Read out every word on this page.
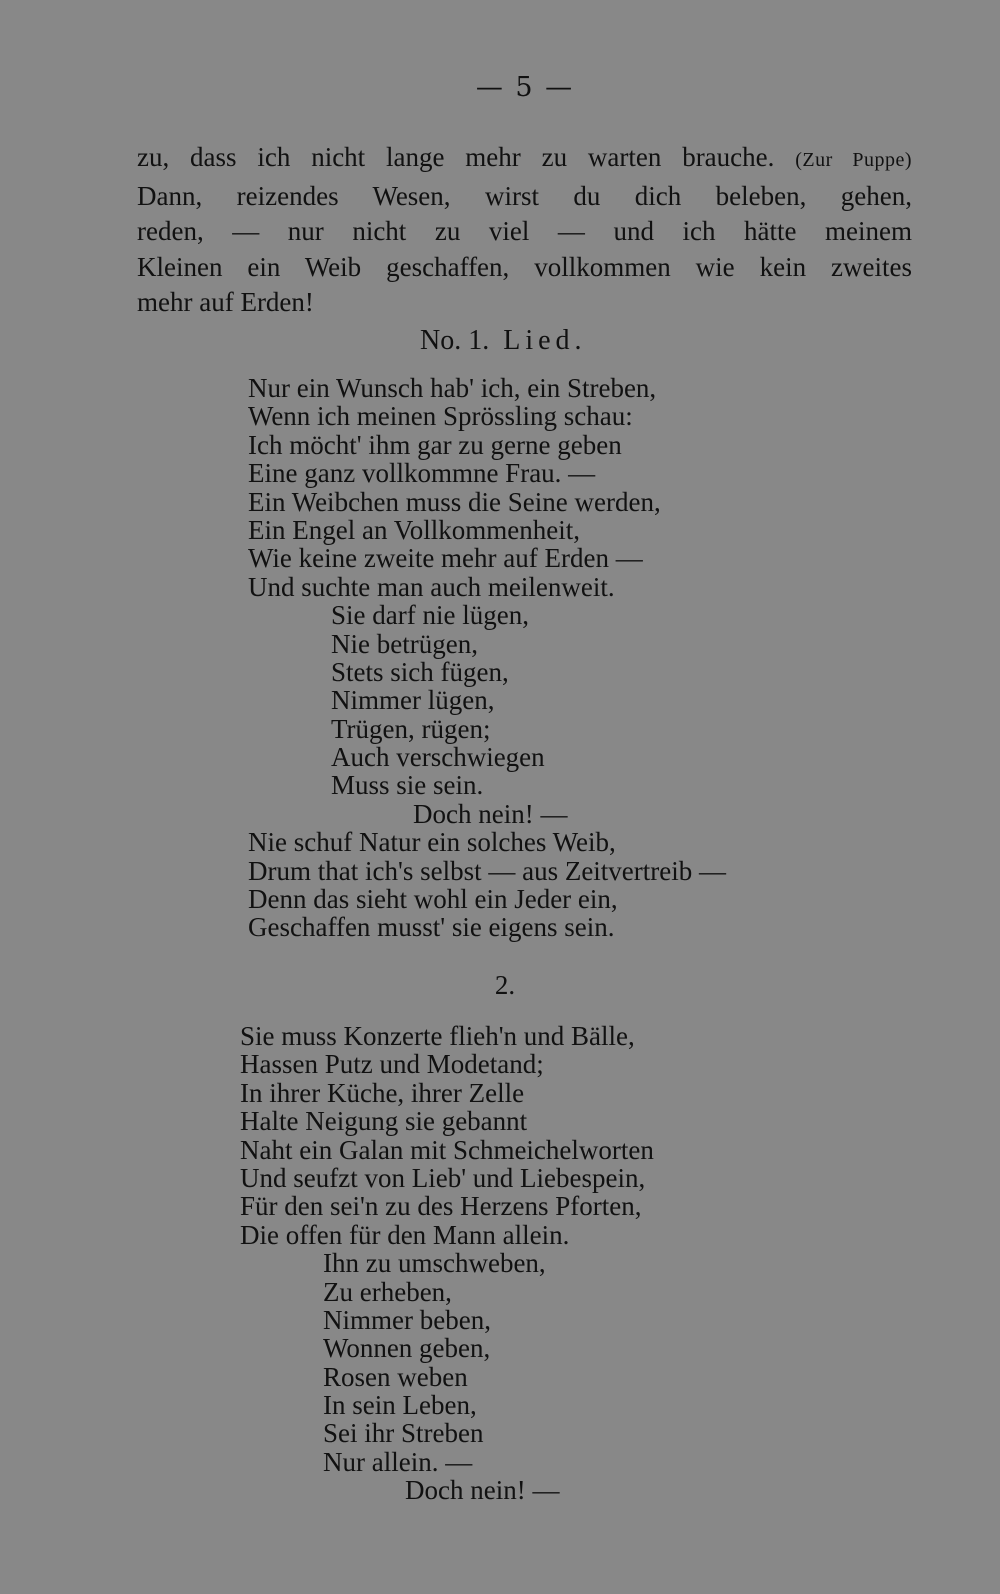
— 5 —
zu, dass ich nicht lange mehr zu warten brauche. (Zur Puppe)
Dann, reizendes Wesen, wirst du dich beleben, gehen,
reden, — nur nicht zu viel — und ich hätte meinem
Kleinen ein Weib geschaffen, vollkommen wie kein zweites
mehr auf Erden!
No. 1. Lied.
Nur ein Wunsch hab' ich, ein Streben,
Wenn ich meinen Sprössling schau:
Ich möcht' ihm gar zu gerne geben
Eine ganz vollkommne Frau. —
Ein Weibchen muss die Seine werden,
Ein Engel an Vollkommenheit,
Wie keine zweite mehr auf Erden —
Und suchte man auch meilenweit.
Sie darf nie lügen,
Nie betrügen,
Stets sich fügen,
Nimmer lügen,
Trügen, rügen;
Auch verschwiegen
Muss sie sein.
Doch nein! —
Nie schuf Natur ein solches Weib,
Drum that ich's selbst — aus Zeitvertreib —
Denn das sieht wohl ein Jeder ein,
Geschaffen musst' sie eigens sein.
2.
Sie muss Konzerte flieh'n und Bälle,
Hassen Putz und Modetand;
In ihrer Küche, ihrer Zelle
Halte Neigung sie gebannt
Naht ein Galan mit Schmeichelworten
Und seufzt von Lieb' und Liebespein,
Für den sei'n zu des Herzens Pforten,
Die offen für den Mann allein.
Ihn zu umschweben,
Zu erheben,
Nimmer beben,
Wonnen geben,
Rosen weben
In sein Leben,
Sei ihr Streben
Nur allein. —
Doch nein! —
